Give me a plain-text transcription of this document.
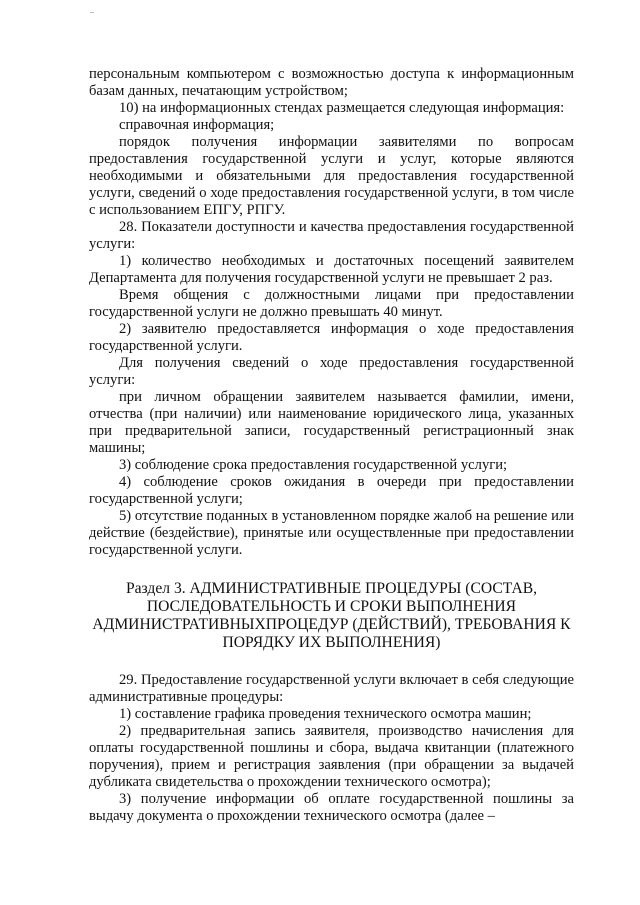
персональным компьютером с возможностью доступа к информационным базам данных, печатающим устройством;

10) на информационных стендах размещается следующая информация:

справочная информация;

порядок получения информации заявителями по вопросам предоставления государственной услуги и услуг, которые являются необходимыми и обязательными для предоставления государственной услуги, сведений о ходе предоставления государственной услуги, в том числе с использованием ЕПГУ, РПГУ.

28. Показатели доступности и качества предоставления государственной услуги:

1) количество необходимых и достаточных посещений заявителем Департамента для получения государственной услуги не превышает 2 раз.

Время общения с должностными лицами при предоставлении государственной услуги не должно превышать 40 минут.

2) заявителю предоставляется информация о ходе предоставления государственной услуги.

Для получения сведений о ходе предоставления государственной услуги:

при личном обращении заявителем называется фамилии, имени, отчества (при наличии) или наименование юридического лица, указанных при предварительной записи, государственный регистрационный знак машины;

3) соблюдение срока предоставления государственной услуги;

4) соблюдение сроков ожидания в очереди при предоставлении государственной услуги;

5) отсутствие поданных в установленном порядке жалоб на решение или действие (бездействие), принятые или осуществленные при предоставлении государственной услуги.

Раздел 3. АДМИНИСТРАТИВНЫЕ ПРОЦЕДУРЫ (СОСТАВ,
ПОСЛЕДОВАТЕЛЬНОСТЬ И СРОКИ ВЫПОЛНЕНИЯ
АДМИНИСТРАТИВНЫХПРОЦЕДУР (ДЕЙСТВИЙ), ТРЕБОВАНИЯ К
ПОРЯДКУ ИХ ВЫПОЛНЕНИЯ)

29. Предоставление государственной услуги включает в себя следующие административные процедуры:

1) составление графика проведения технического осмотра машин;

2) предварительная запись заявителя, производство начисления для оплаты государственной пошлины и сбора, выдача квитанции (платежного поручения), прием и регистрация заявления (при обращении за выдачей дубликата свидетельства о прохождении технического осмотра);

3) получение информации об оплате государственной пошлины за выдачу документа о прохождении технического осмотра (далее –
